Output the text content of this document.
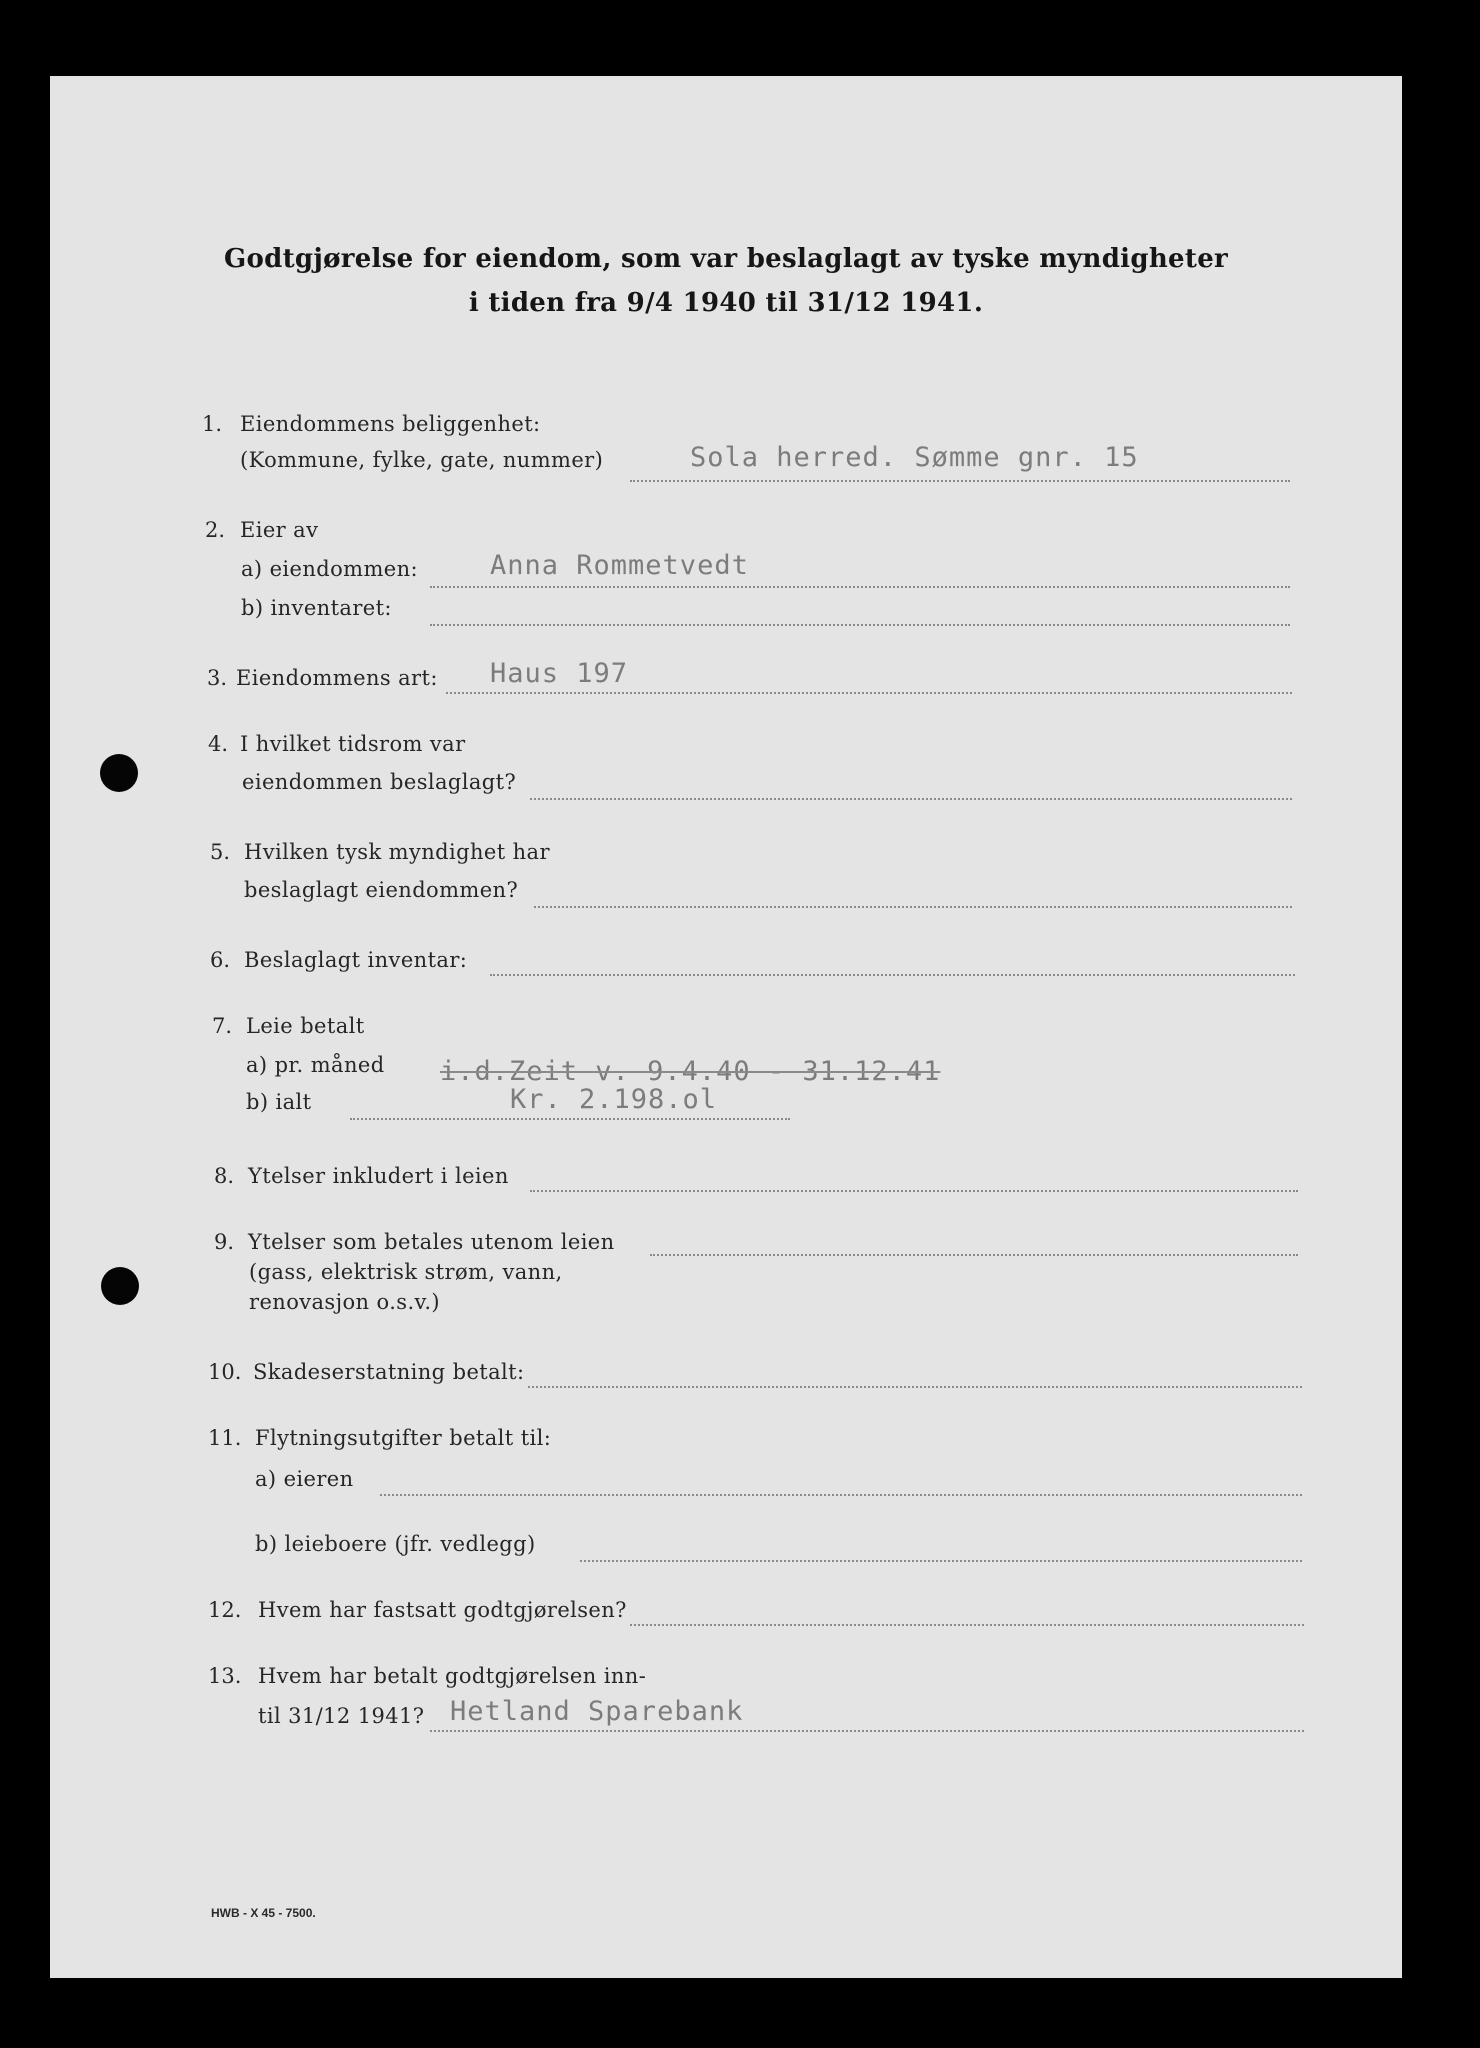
Godtgjørelse for eiendom, som var beslaglagt av tyske myndigheter
i tiden fra 9/4 1940 til 31/12 1941.
1. Eiendommens beliggenhet:
(Kommune, fylke, gate, nummer)	Sola herred. Sømme gnr. 15
2. Eier av
a) eiendommen:	Anna Rommetvedt
b) inventaret:
3. Eiendommens art: Haus 197
4. I hvilket tidsrom var
eiendommen beslaglagt?
5. Hvilken tysk myndighet har
beslaglagt eiendommen?
6. Beslaglagt inventar:
7. Leie betalt
a) pr. måned i.d.Zeit v. 9.4.40 - 31.12.41
b) ialt	Kr. 2.198.ol
8. Ytelser inkludert i leien
9. Ytelser som betales utenom leien
(gass, elektrisk strøm, vann,
renovasjon o.s.v.)
10. Skadeserstatning betalt:
11. Flytningsutgifter betalt til:
a) eieren
b) leieboere (jfr. vedlegg)
12. Hvem har fastsatt godtgjørelsen?
13. Hvem har betalt godtgjørelsen inn-
til 31/12 1941? Hetland Sparebank
HWB - X 45 - 7500.
